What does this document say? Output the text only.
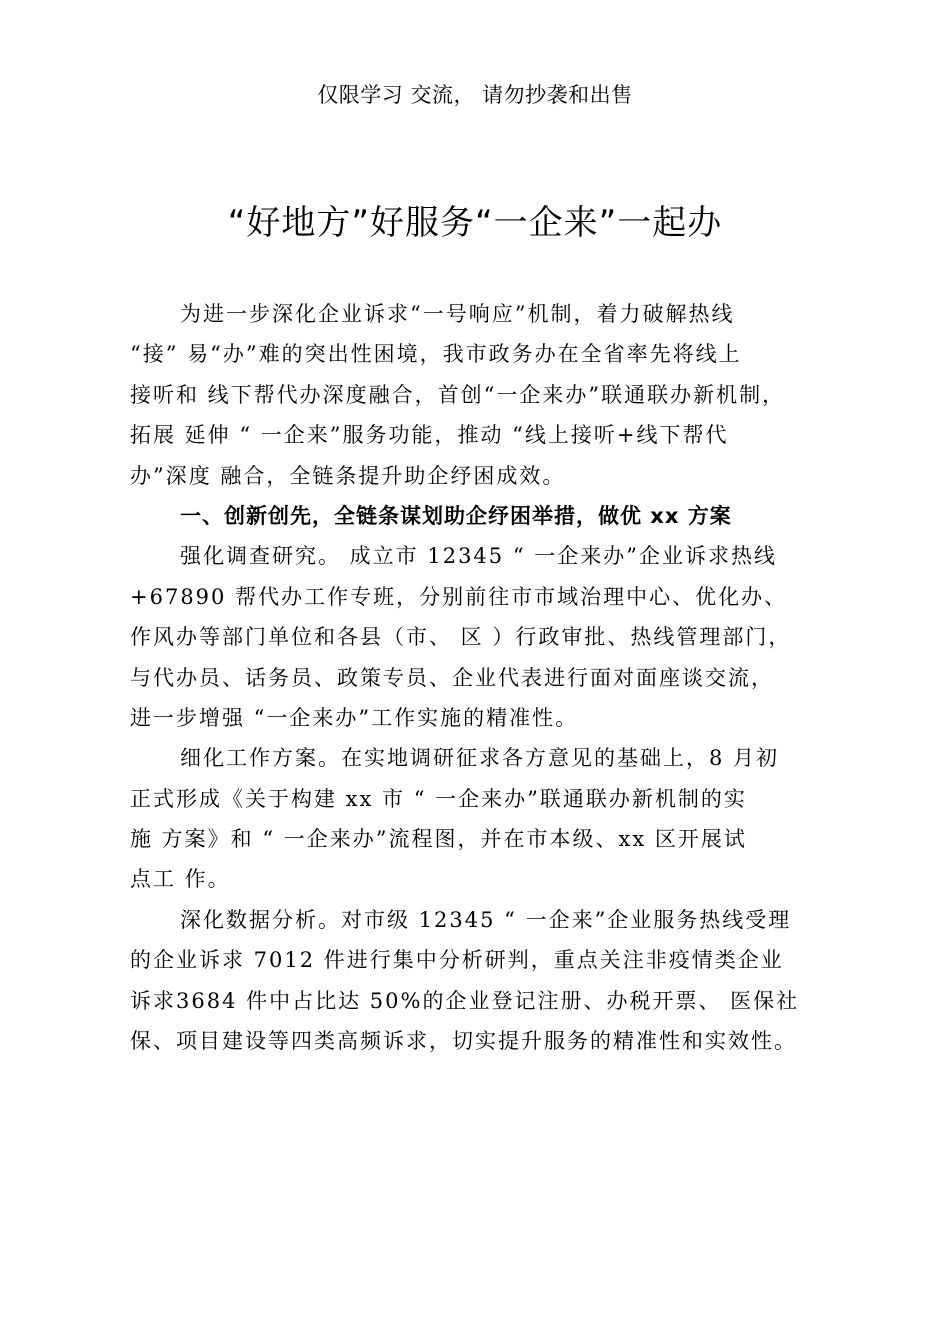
仅限学习 交流， 请勿抄袭和出售
“好地方”好服务“一企来”一起办
为进一步深化企业诉求“一号响应”机制，着力破解热线
“接” 易“办”难的突出性困境，我市政务办在全省率先将线上
接听和 线下帮代办深度融合，首创“一企来办”联通联办新机制，
拓展 延伸 “ 一企来”服务功能，推动 “线上接听+线下帮代
办”深度 融合，全链条提升助企纾困成效。
一、创新创先，全链条谋划助企纾困举措，做优 xx 方案
强化调查研究。 成立市 12345 “ 一企来办”企业诉求热线
+67890 帮代办工作专班，分别前往市市域治理中心、优化办、
作风办等部门单位和各县（市、 区 ）行政审批、热线管理部门，
与代办员、话务员、政策专员、企业代表进行面对面座谈交流，
进一步增强 “一企来办”工作实施的精准性。
细化工作方案。在实地调研征求各方意见的基础上，8 月初
正式形成《关于构建 xx 市 “ 一企来办”联通联办新机制的实
施 方案》和 “ 一企来办”流程图，并在市本级、xx 区开展试
点工 作。
深化数据分析。对市级 12345 “ 一企来”企业服务热线受理
的企业诉求 7012 件进行集中分析研判，重点关注非疫情类企业
诉求3684 件中占比达 50%的企业登记注册、办税开票、 医保社
保、项目建设等四类高频诉求，切实提升服务的精准性和实效性。
